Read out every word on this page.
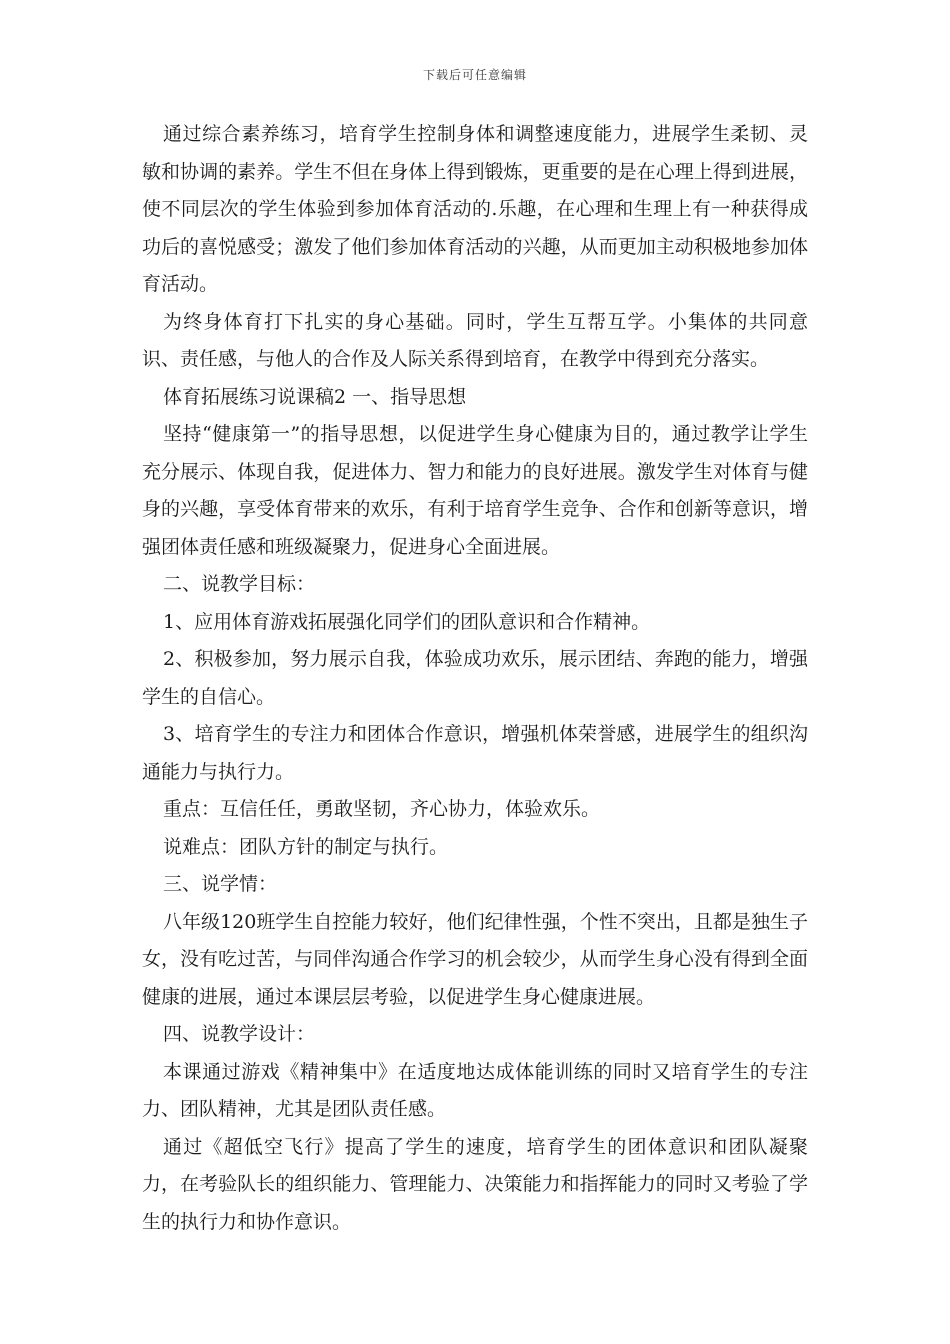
下载后可任意编辑

通过综合素养练习，培育学生控制身体和调整速度能力，进展学生柔韧、灵敏和协调的素养。学生不但在身体上得到锻炼，更重要的是在心理上得到进展，使不同层次的学生体验到参加体育活动的.乐趣，在心理和生理上有一种获得成功后的喜悦感受；激发了他们参加体育活动的兴趣，从而更加主动积极地参加体育活动。

为终身体育打下扎实的身心基础。同时，学生互帮互学。小集体的共同意识、责任感，与他人的合作及人际关系得到培育，在教学中得到充分落实。

体育拓展练习说课稿2 一、指导思想

坚持“健康第一”的指导思想，以促进学生身心健康为目的，通过教学让学生充分展示、体现自我，促进体力、智力和能力的良好进展。激发学生对体育与健身的兴趣，享受体育带来的欢乐，有利于培育学生竞争、合作和创新等意识，增强团体责任感和班级凝聚力，促进身心全面进展。

二、说教学目标：

1、应用体育游戏拓展强化同学们的团队意识和合作精神。

2、积极参加，努力展示自我，体验成功欢乐，展示团结、奔跑的能力，增强学生的自信心。

3、培育学生的专注力和团体合作意识，增强机体荣誉感，进展学生的组织沟通能力与执行力。

重点：互信任任，勇敢坚韧，齐心协力，体验欢乐。

说难点：团队方针的制定与执行。

三、说学情：

八年级120班学生自控能力较好，他们纪律性强，个性不突出，且都是独生子女，没有吃过苦，与同伴沟通合作学习的机会较少，从而学生身心没有得到全面健康的进展，通过本课层层考验，以促进学生身心健康进展。

四、说教学设计：

本课通过游戏《精神集中》在适度地达成体能训练的同时又培育学生的专注力、团队精神，尤其是团队责任感。

通过《超低空飞行》提高了学生的速度，培育学生的团体意识和团队凝聚力，在考验队长的组织能力、管理能力、决策能力和指挥能力的同时又考验了学生的执行力和协作意识。
